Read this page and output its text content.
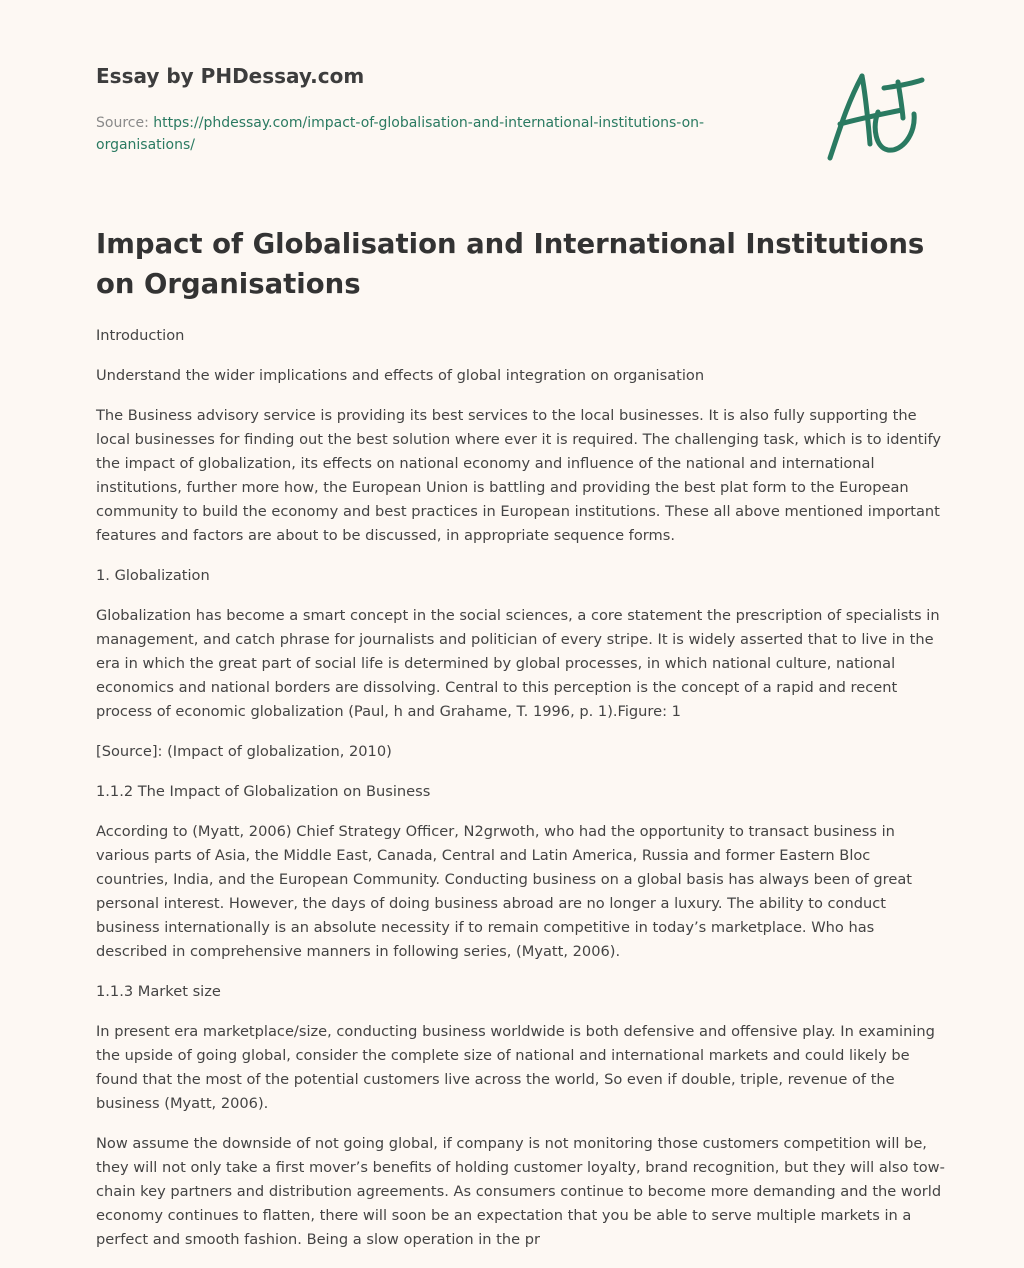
Essay by PHDessay.com
Source: https://phdessay.com/impact-of-globalisation-and-international-institutions-on-organisations/
Impact of Globalisation and International Institutions on Organisations

Introduction

Understand the wider implications and effects of global integration on organisation

The Business advisory service is providing its best services to the local businesses. It is also fully supporting the local businesses for finding out the best solution where ever it is required. The challenging task, which is to identify the impact of globalization, its effects on national economy and influence of the national and international institutions, further more how, the European Union is battling and providing the best plat form to the European community to build the economy and best practices in European institutions. These all above mentioned important features and factors are about to be discussed, in appropriate sequence forms.

1. Globalization

Globalization has become a smart concept in the social sciences, a core statement the prescription of specialists in management, and catch phrase for journalists and politician of every stripe. It is widely asserted that to live in the era in which the great part of social life is determined by global processes, in which national culture, national economics and national borders are dissolving. Central to this perception is the concept of a rapid and recent process of economic globalization (Paul, h and Grahame, T. 1996, p. 1).Figure: 1

[Source]: (Impact of globalization, 2010)

1.1.2 The Impact of Globalization on Business

According to (Myatt, 2006) Chief Strategy Officer, N2grwoth, who had the opportunity to transact business in various parts of Asia, the Middle East, Canada, Central and Latin America, Russia and former Eastern Bloc countries, India, and the European Community. Conducting business on a global basis has always been of great personal interest. However, the days of doing business abroad are no longer a luxury. The ability to conduct business internationally is an absolute necessity if to remain competitive in today’s marketplace. Who has described in comprehensive manners in following series, (Myatt, 2006).

1.1.3 Market size

In present era marketplace/size, conducting business worldwide is both defensive and offensive play. In examining the upside of going global, consider the complete size of national and international markets and could likely be found that the most of the potential customers live across the world, So even if double, triple, revenue of the business (Myatt, 2006).

Now assume the downside of not going global, if company is not monitoring those customers competition will be, they will not only take a first mover’s benefits of holding customer loyalty, brand recognition, but they will also tow-chain key partners and distribution agreements. As consumers continue to become more demanding and the world economy continues to flatten, there will soon be an expectation that you be able to serve multiple markets in a perfect and smooth fashion. Being a slow operation in the pr
